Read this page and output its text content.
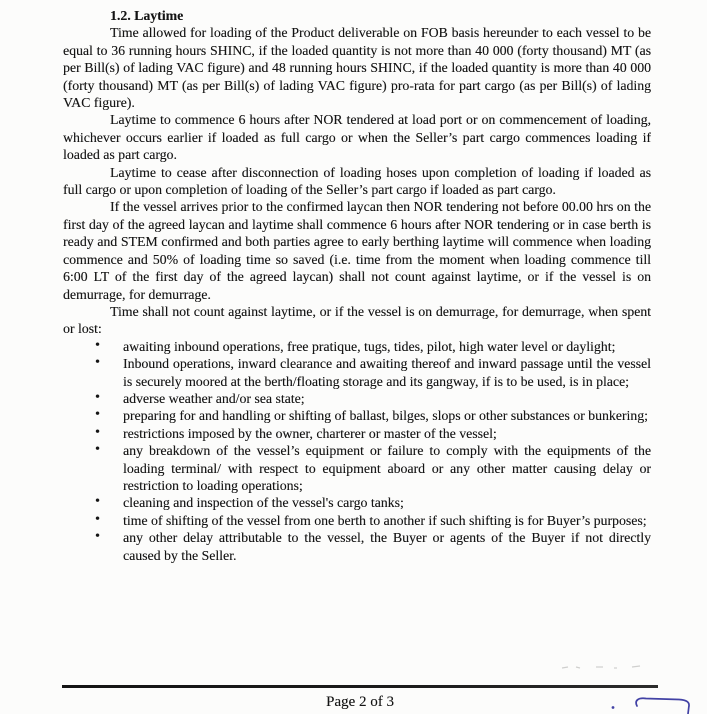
1.2. Laytime

Time allowed for loading of the Product deliverable on FOB basis hereunder to each vessel to be equal to 36 running hours SHINC, if the loaded quantity is not more than 40 000 (forty thousand) MT (as per Bill(s) of lading VAC figure) and 48 running hours SHINC, if the loaded quantity is more than 40 000 (forty thousand) MT (as per Bill(s) of lading VAC figure) pro-rata for part cargo (as per Bill(s) of lading VAC figure).

Laytime to commence 6 hours after NOR tendered at load port or on commencement of loading, whichever occurs earlier if loaded as full cargo or when the Seller’s part cargo commences loading if loaded as part cargo.

Laytime to cease after disconnection of loading hoses upon completion of loading if loaded as full cargo or upon completion of loading of the Seller’s part cargo if loaded as part cargo.

If the vessel arrives prior to the confirmed laycan then NOR tendering not before 00.00 hrs on the first day of the agreed laycan and laytime shall commence 6 hours after NOR tendering or in case berth is ready and STEM confirmed and both parties agree to early berthing laytime will commence when loading commence and 50% of loading time so saved (i.e. time from the moment when loading commence till 6:00 LT of the first day of the agreed laycan) shall not count against laytime, or if the vessel is on demurrage, for demurrage.

Time shall not count against laytime, or if the vessel is on demurrage, for demurrage, when spent or lost:

• awaiting inbound operations, free pratique, tugs, tides, pilot, high water level or daylight;
• Inbound operations, inward clearance and awaiting thereof and inward passage until the vessel is securely moored at the berth/floating storage and its gangway, if is to be used, is in place;
• adverse weather and/or sea state;
• preparing for and handling or shifting of ballast, bilges, slops or other substances or bunkering;
• restrictions imposed by the owner, charterer or master of the vessel;
• any breakdown of the vessel’s equipment or failure to comply with the equipments of the loading terminal/ with respect to equipment aboard or any other matter causing delay or restriction to loading operations;
• cleaning and inspection of the vessel's cargo tanks;
• time of shifting of the vessel from one berth to another if such shifting is for Buyer’s purposes;
• any other delay attributable to the vessel, the Buyer or agents of the Buyer if not directly caused by the Seller.
Page 2 of 3
